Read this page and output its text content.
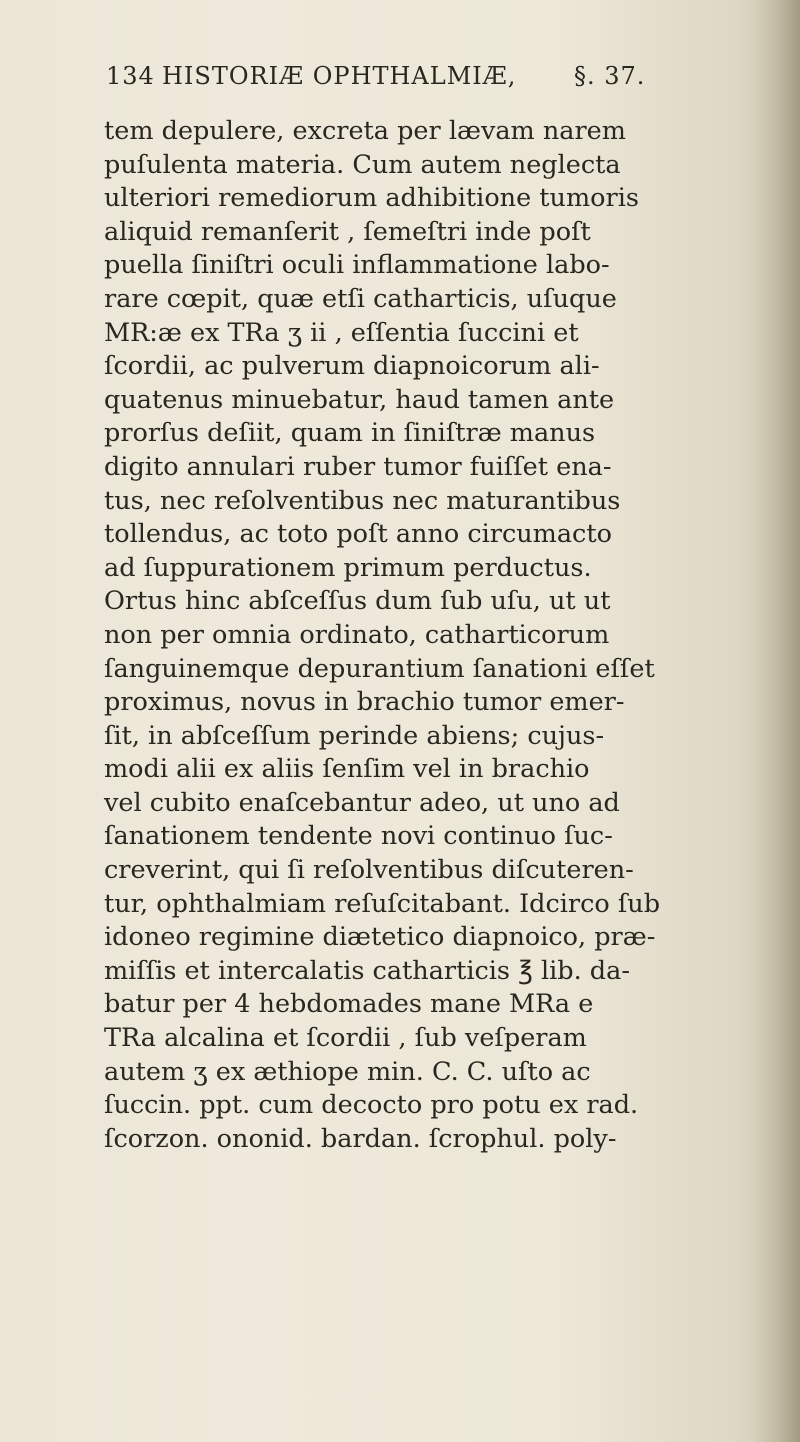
134 HISTORIÆ OPHTHALMIÆ, §. 37.
tem depulere, excreta per lævam narem
puſulenta materia. Cum autem neglecta
ulteriori remediorum adhibitione tumoris
aliquid remanſerit , ſemeſtri inde poſt
puella ſiniſtri oculi inflammatione labo-
rare cœpit, quæ etſi catharticis, uſuque
MR:æ ex TRa ʒ ii , eſſentia ſuccini et
ſcordii, ac pulverum diapnoicorum ali-
quatenus minuebatur, haud tamen ante
prorſus deſiit, quam in ſiniſtræ manus
digito annulari ruber tumor fuiſſet ena-
tus, nec reſolventibus nec maturantibus
tollendus, ac toto poſt anno circumacto
ad ſuppurationem primum perductus.
Ortus hinc abſceſſus dum ſub uſu, ut ut
non per omnia ordinato, catharticorum
ſanguinemque depurantium ſanationi eſſet
proximus, novus in brachio tumor emer-
ſit, in abſceſſum perinde abiens; cujus-
modi alii ex aliis ſenſim vel in brachio
vel cubito enaſcebantur adeo, ut uno ad
ſanationem tendente novi continuo ſuc-
creverint, qui ſi reſolventibus diſcuteren-
tur, ophthalmiam reſuſcitabant. Idcirco ſub
idoneo regimine diætetico diapnoico, præ-
miſſis et intercalatis catharticis ℥ lib. da-
batur per 4 hebdomades mane MRa e
TRa alcalina et ſcordii , ſub veſperam
autem ʒ ex æthiope min. C. C. uſto ac
ſuccin. ppt. cum decocto pro potu ex rad.
ſcorzon. ononid. bardan. ſcrophul. poly-
